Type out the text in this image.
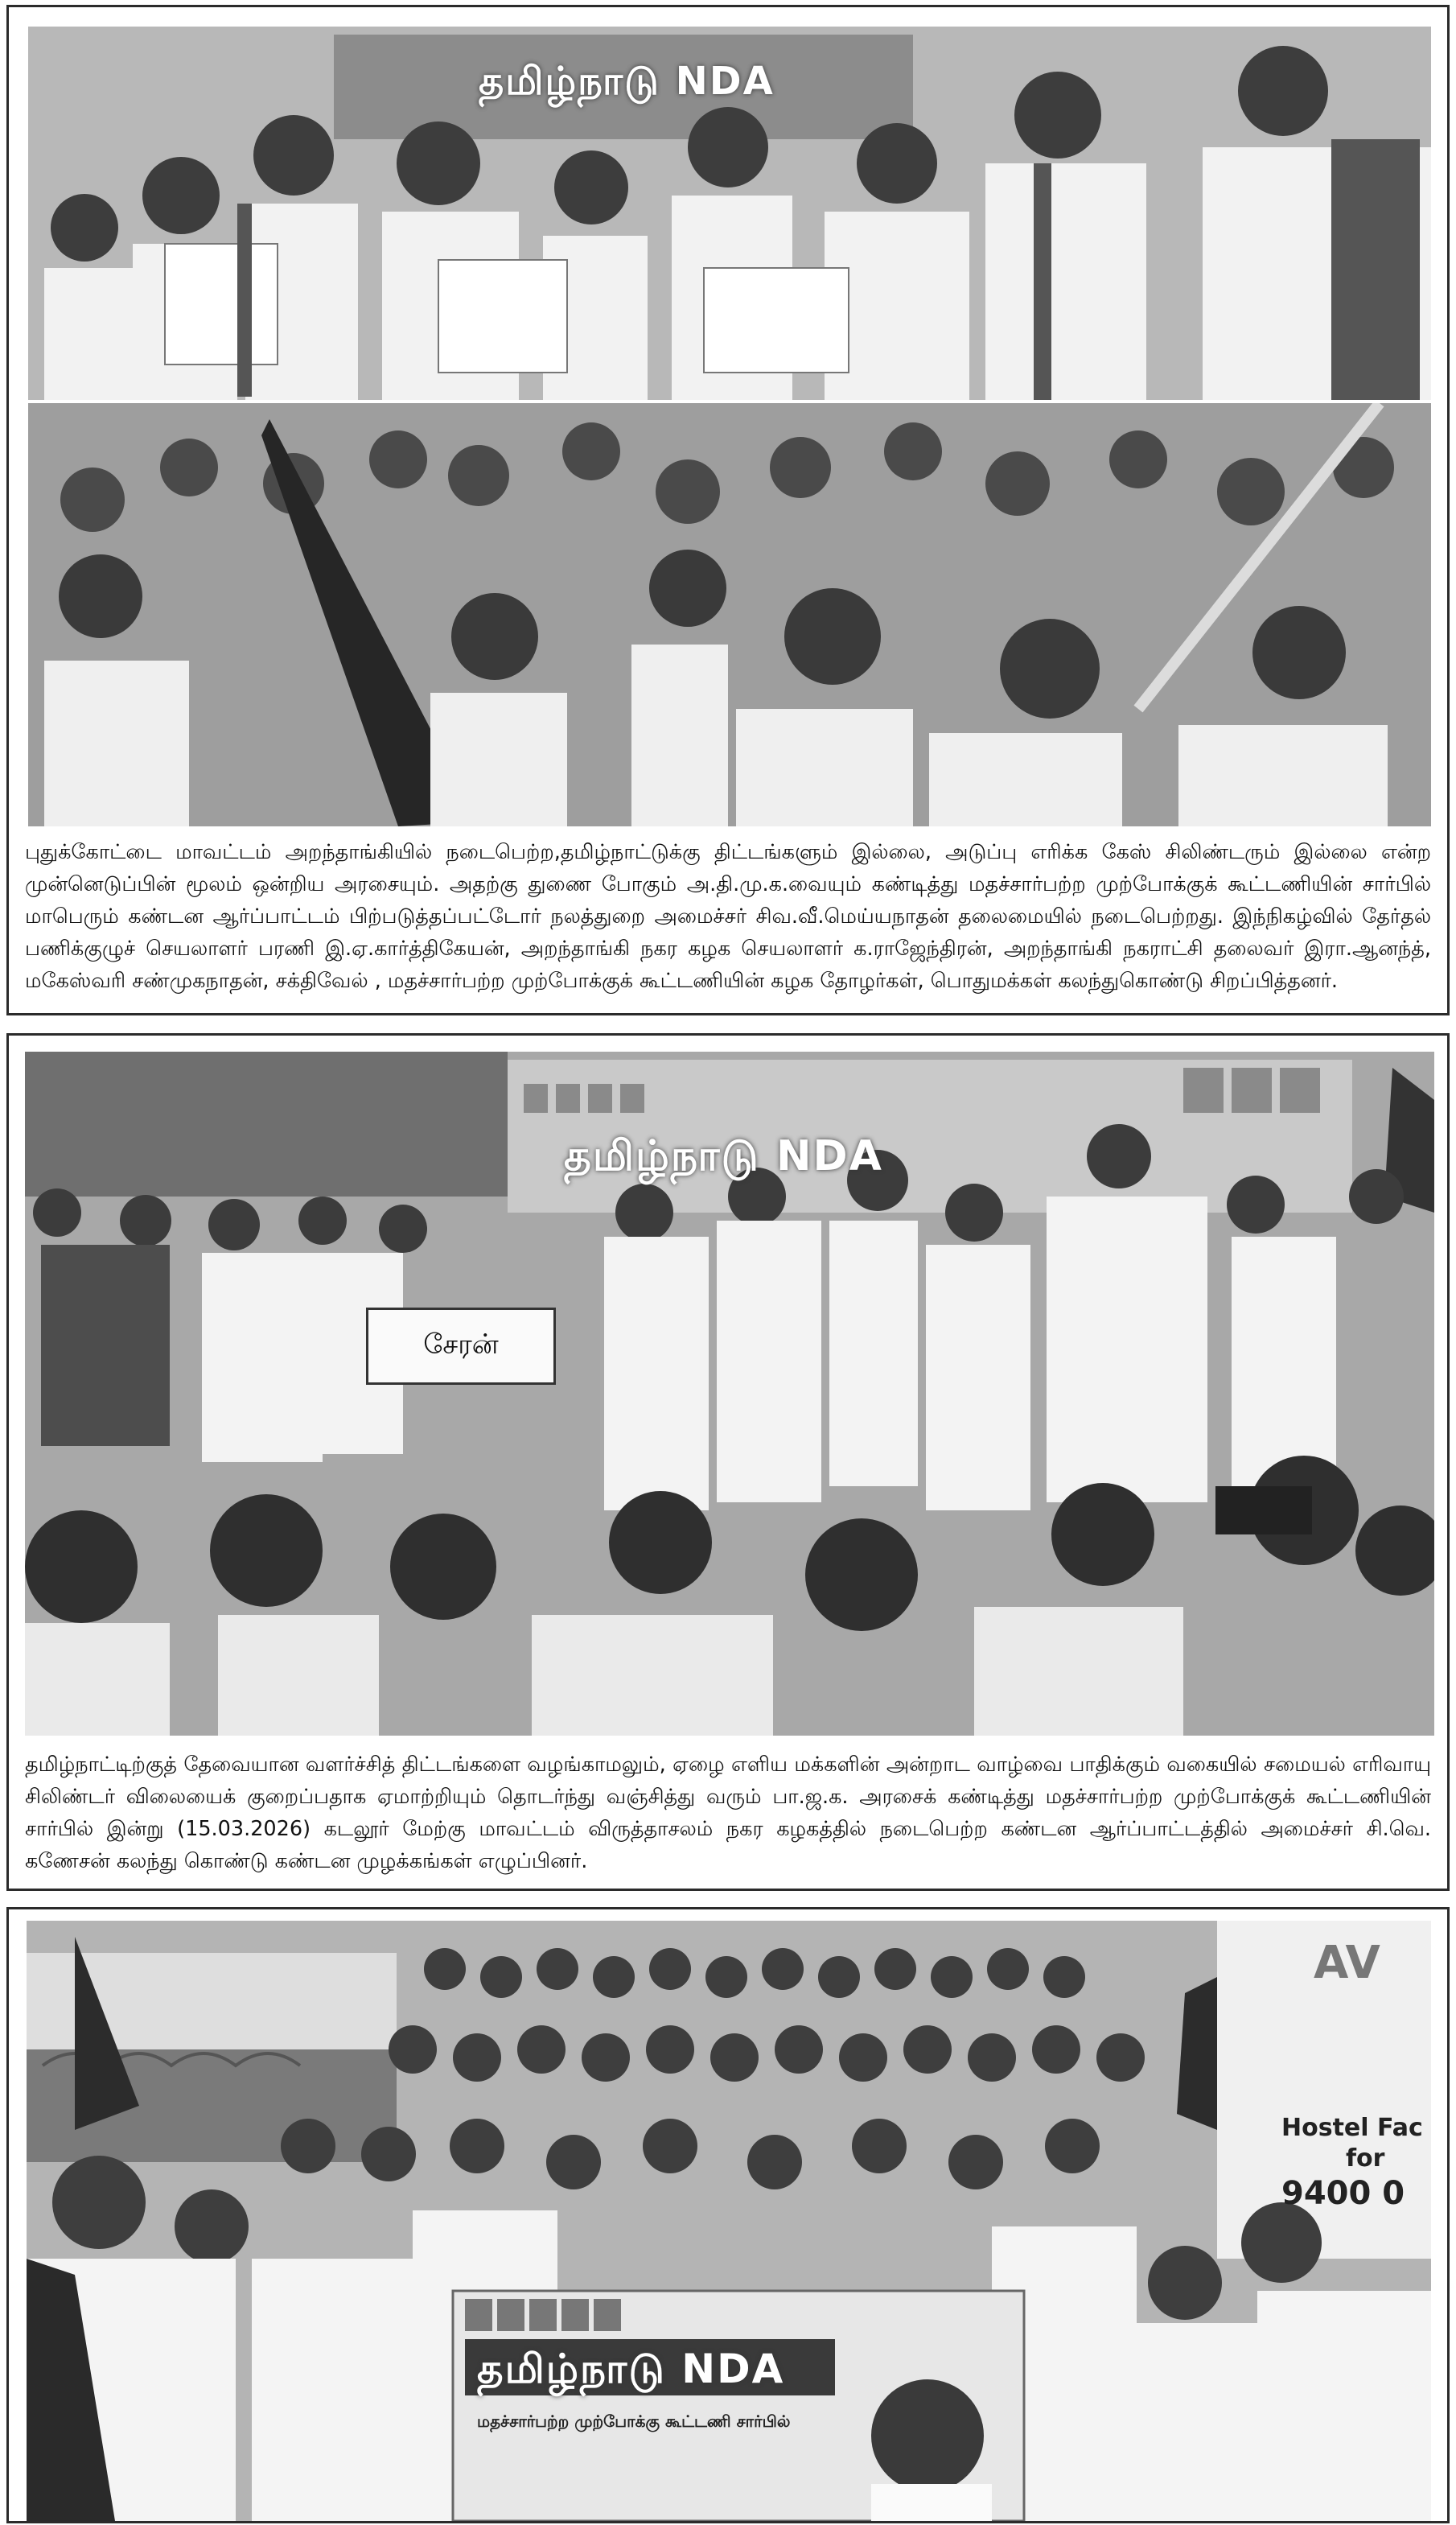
தமிழ்நாடு NDA
புதுக்கோட்டை மாவட்டம் அறந்தாங்கியில் நடைபெற்ற,தமிழ்நாட்டுக்கு திட்டங்களும் இல்லை, அடுப்பு எரிக்க கேஸ் சிலிண்டரும் இல்லை என்ற முன்னெடுப்பின் மூலம் ஒன்றிய அரசையும். அதற்கு துணை போகும் அ.தி.மு.க.வையும் கண்டித்து மதச்சார்பற்ற முற்போக்குக் கூட்டணியின் சார்பில் மாபெரும் கண்டன ஆர்ப்பாட்டம் பிற்படுத்தப்பட்டோர் நலத்துறை அமைச்சர் சிவ.வீ.மெய்யநாதன் தலைமையில் நடைபெற்றது. இந்நிகழ்வில் தேர்தல் பணிக்குழுச் செயலாளர் பரணி இ.ஏ.கார்த்திகேயன், அறந்தாங்கி நகர கழக செயலாளர் க.ராஜேந்திரன், அறந்தாங்கி நகராட்சி தலைவர் இரா.ஆனந்த், மகேஸ்வரி சண்முகநாதன், சக்திவேல் , மதச்சார்பற்ற முற்போக்குக் கூட்டணியின் கழக தோழர்கள், பொதுமக்கள் கலந்துகொண்டு சிறப்பித்தனர்.
தமிழ்நாடு NDA
சேரன்
தமிழ்நாட்டிற்குத் தேவையான வளர்ச்சித் திட்டங்களை வழங்காமலும், ஏழை எளிய மக்களின் அன்றாட வாழ்வை பாதிக்கும் வகையில் சமையல் எரிவாயு சிலிண்டர் விலையைக் குறைப்பதாக ஏமாற்றியும் தொடர்ந்து வஞ்சித்து வரும் பா.ஜ.க. அரசைக் கண்டித்து மதச்சார்பற்ற முற்போக்குக் கூட்டணியின் சார்பில் இன்று (15.03.2026) கடலூர் மேற்கு மாவட்டம் விருத்தாசலம் நகர கழகத்தில் நடைபெற்ற கண்டன ஆர்ப்பாட்டத்தில் அமைச்சர் சி.வெ. கணேசன் கலந்து கொண்டு கண்டன முழக்கங்கள் எழுப்பினர்.
தமிழ்நாடு NDA
மதச்சார்பற்ற முற்போக்கு கூட்டணி சார்பில்
AV
Hostel Fac
for
9400 0
